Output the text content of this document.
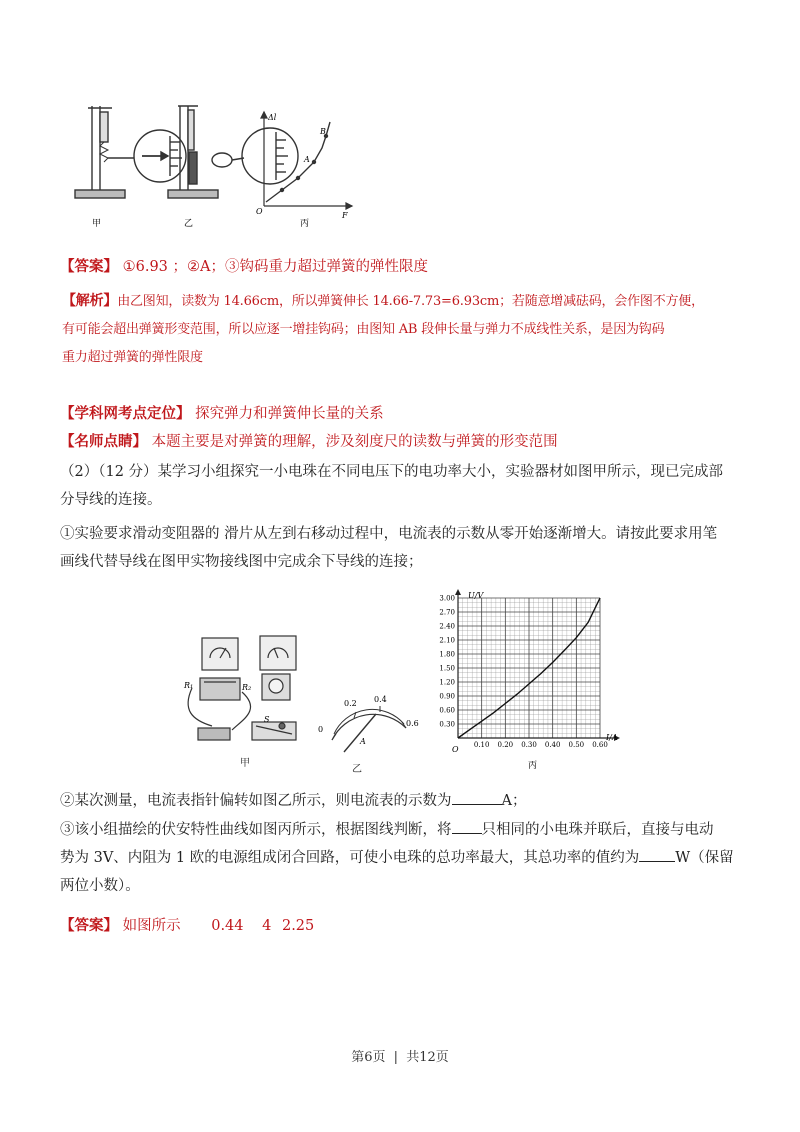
Δl
F
O
A
B
甲	乙	丙
【答案】 ①6.93 ；②A；③钩码重力超过弹簧的弹性限度
【解析】由乙图知，读数为 14.66cm，所以弹簧伸长 14.66-7.73=6.93cm；若随意增减砝码，会作图不方便，
有可能会超出弹簧形变范围，所以应逐一增挂钩码；由图知 AB 段伸长量与弹力不成线性关系，是因为钩码
重力超过弹簧的弹性限度
【学科网考点定位】 探究弹力和弹簧伸长量的关系
【名师点睛】 本题主要是对弹簧的理解，涉及刻度尺的读数与弹簧的形变范围
（2）（12 分）某学习小组探究一小电珠在不同电压下的电功率大小，实验器材如图甲所示，现已完成部
分导线的连接。
①实验要求滑动变阻器的 滑片从左到右移动过程中，电流表的示数从零开始逐渐增大。请按此要求用笔
画线代替导线在图甲实物接线图中完成余下导线的连接；
R₁	R₂
S
甲
0
0.2 0.4
0.6
A
乙
0.30
0.60
0.90
1.20
1.50
1.80
2.10
2.40
2.70
3.00
0.10 0.20 0.30 0.40 0.50 0.60
U/V
I/A
O
丙
②某次测量，电流表指针偏转如图乙所示，则电流表的示数为	A；
③该小组描绘的伏安特性曲线如图丙所示，根据图线判断，将 只相同的小电珠并联后，直接与电动
势为 3V、内阻为 1 欧的电源组成闭合回路，可使小电珠的总功率最大，其总功率的值约为 W（保留
两位小数）。
【答案】 如图所示 0.44 4 2.25
第6页 | 共12页
